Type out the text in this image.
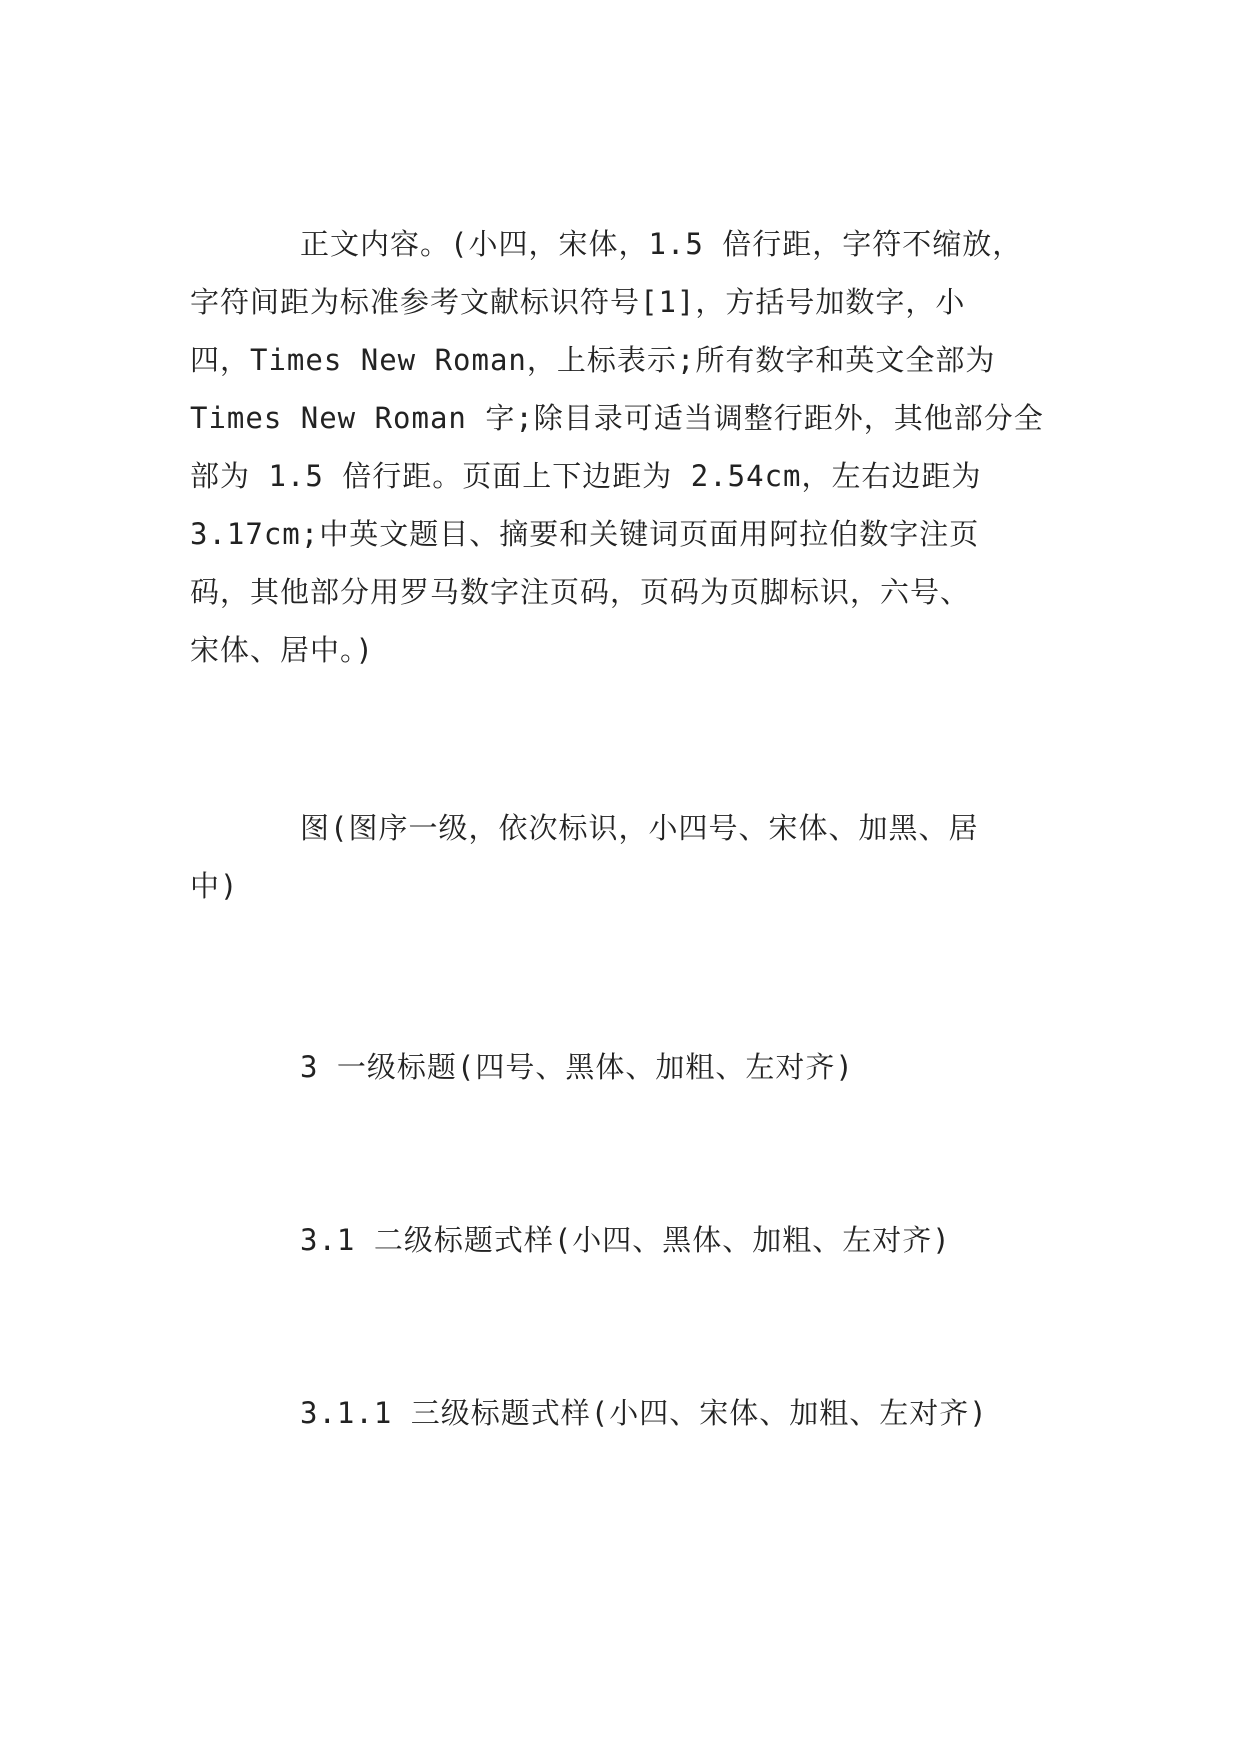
正文内容。(小四，宋体，1.5 倍行距，字符不缩放，
字符间距为标准参考文献标识符号[1]，方括号加数字，小
四，Times New Roman，上标表示;所有数字和英文全部为
Times New Roman 字;除目录可适当调整行距外，其他部分全
部为 1.5 倍行距。页面上下边距为 2.54cm，左右边距为
3.17cm;中英文题目、摘要和关键词页面用阿拉伯数字注页
码，其他部分用罗马数字注页码，页码为页脚标识，六号、
宋体、居中。)
图(图序一级，依次标识，小四号、宋体、加黑、居
中)
3 一级标题(四号、黑体、加粗、左对齐)
3.1 二级标题式样(小四、黑体、加粗、左对齐)
3.1.1 三级标题式样(小四、宋体、加粗、左对齐)
